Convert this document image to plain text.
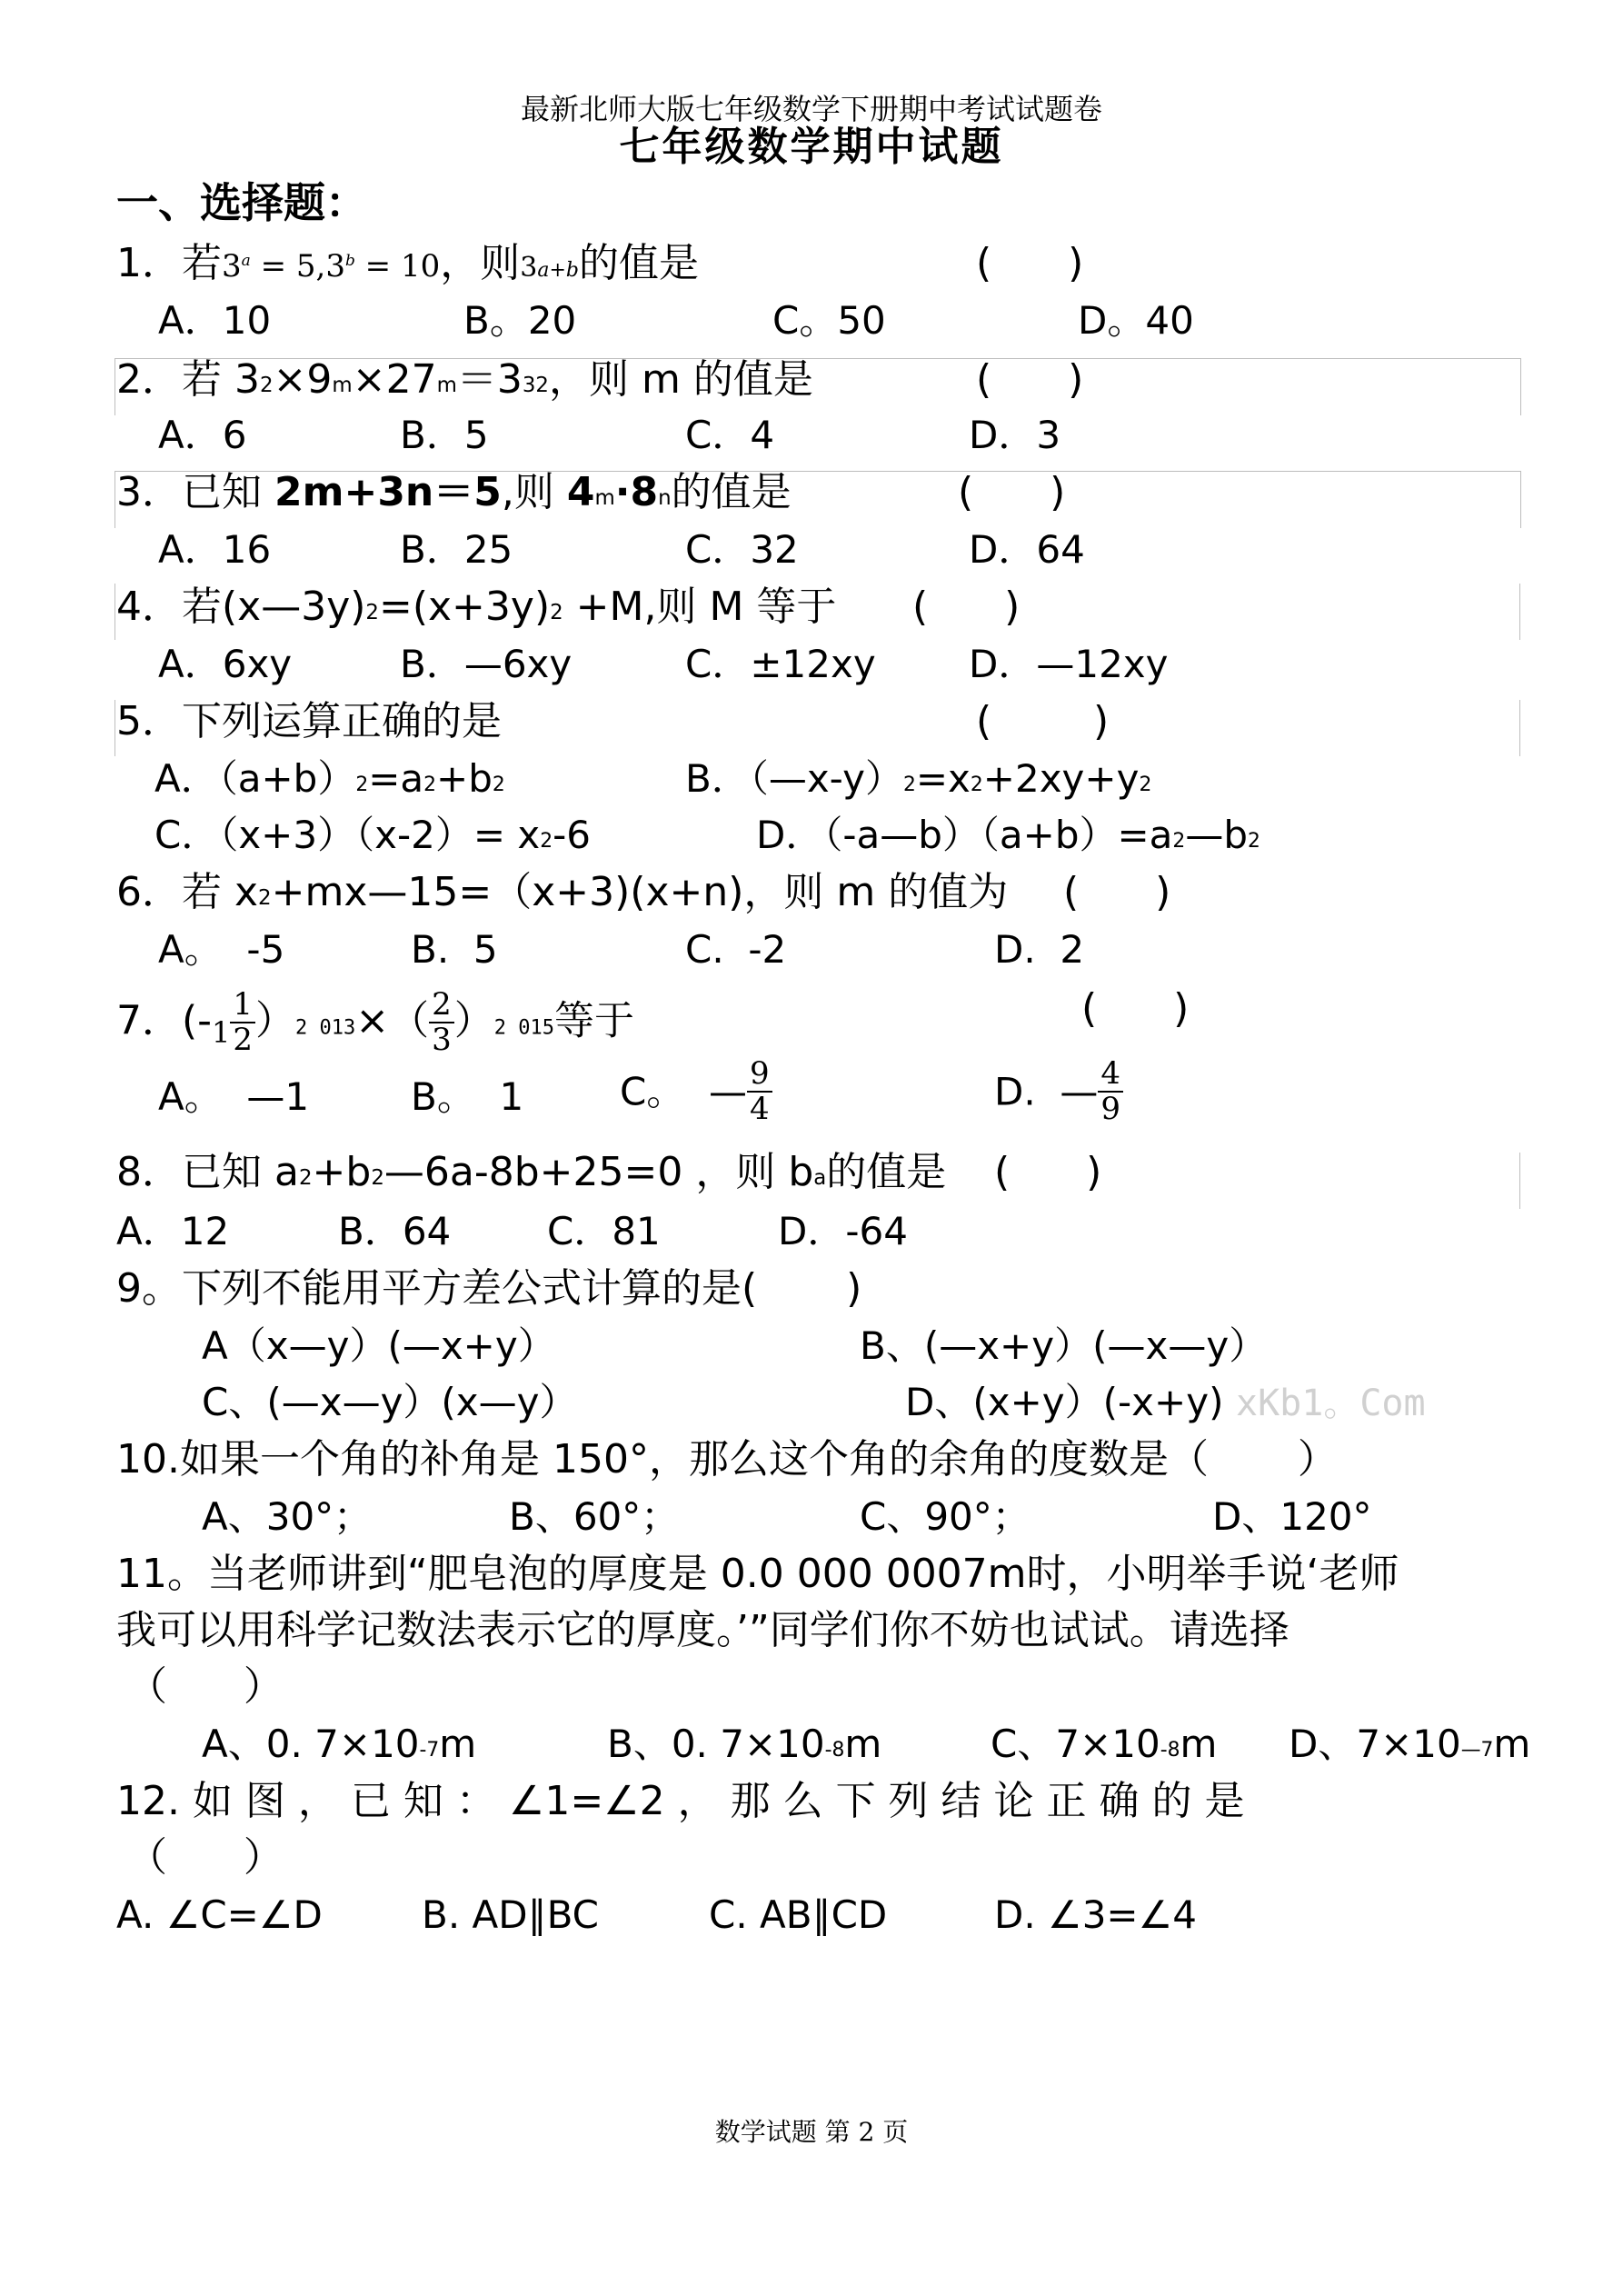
最新北师大版七年级数学下册期中考试试题卷
七年级数学期中试题
一、选择题：
1．若$3^a = 5,3^b = 10$，则3a+b的值是	(      )
A．10	B。20	C。50	D。40
2．若 32×9m×27m＝332，则 m 的值是	(      )
A．6	B．5	C．4	D．3
3．已知 2m+3n＝5,则 4m·8n的值是	(      )
A．16	B．25	C．32	D．64
4．若(x—3y)2=(x+3y)2 +M,则 M 等于 (      )
A．6xy	B．—6xy	C．±12xy D．—12xy
5．下列运算正确的是	(        )
A．（a+b）2=a2+b2	B．（—x-y）2=x2+2xy+y2
C．（x+3）（x-2）= x2-6	D．（-a—b）（a+b）=a2—b2
6．若 x2+mx—15=（x+3)(x+n)，则 m 的值为 (      )
A。  -5	B.  5	C.  -2	D.  2
7．$(-_1 \frac{1}{2} )2$ $013\times( \frac{2}{3} )2$ 015等于	(      )
A。  —1	B。  1	C。  — $\frac{9}{4}$	D.  — $\frac{4}{9}$
8．已知 a2+b2—6a-8b+25=0 ，则 ba的值是 (      )
A．12	B．64	C．81	D．-64
9。下列不能用平方差公式计算的是(       )
A（x—y）(—x+y）	B、(—x+y）(—x—y）
C、(—x—y）(x—y）	D、(x+y）(-x+y) xKb1。Com
10.如果一个角的补角是 150°，那么这个角的余角的度数是（       ）
A、30°；	B、60°；	C、90°；	D、120°
11。当老师讲到“肥皂泡的厚度是 0.0 000 0007m时，小明举手说‘老师
我可以用科学记数法表示它的厚度。’”同学们你不妨也试试。请选择
（      ）
A、0. 7×10-7m	B、0. 7×10-8m	C、7×10-8m D、7×10—7m
12. 如 图 ， 已 知 ： ∠1=∠2 ， 那 么 下 列 结 论 正 确 的 是
（      ）
A. ∠C=∠D	B. AD∥BC	C. AB∥CD	D. ∠3=∠4
数学试题 第 2 页
